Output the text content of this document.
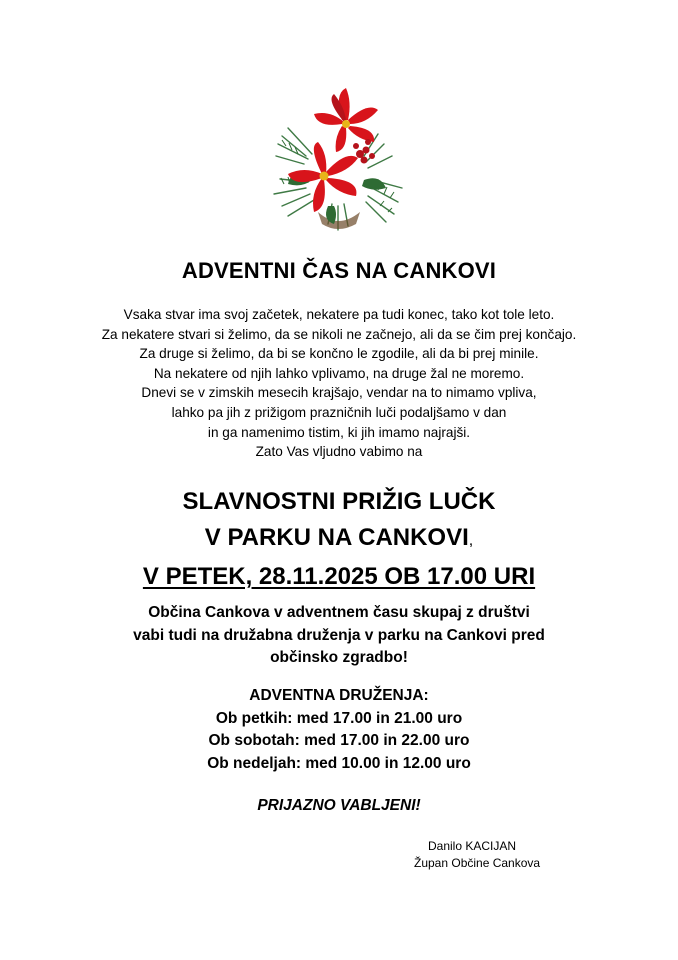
ADVENTNI ČAS NA CANKOVI
Vsaka stvar ima svoj začetek, nekatere pa tudi konec, tako kot tole leto.
Za nekatere stvari si želimo, da se nikoli ne začnejo, ali da se čim prej končajo.
Za druge si želimo, da bi se končno le zgodile, ali da bi prej minile.
Na nekatere od njih lahko vplivamo, na druge žal ne moremo.
Dnevi se v zimskih mesecih krajšajo, vendar na to nimamo vpliva,
lahko pa jih z prižigom prazničnih luči podaljšamo v dan
in ga namenimo tistim, ki jih imamo najrajši.
Zato Vas vljudno vabimo na
SLAVNOSTNI PRIŽIG LUČK
V PARKU NA CANKOVI,
V PETEK, 28.11.2025 OB 17.00 URI
Občina Cankova v adventnem času skupaj z društvi
vabi tudi na družabna druženja v parku na Cankovi pred
občinsko zgradbo!
ADVENTNA DRUŽENJA:
Ob petkih: med 17.00 in 21.00 uro
Ob sobotah: med 17.00 in 22.00 uro
Ob nedeljah: med 10.00 in 12.00 uro
PRIJAZNO VABLJENI!
Danilo KACIJAN
Župan Občine Cankova
